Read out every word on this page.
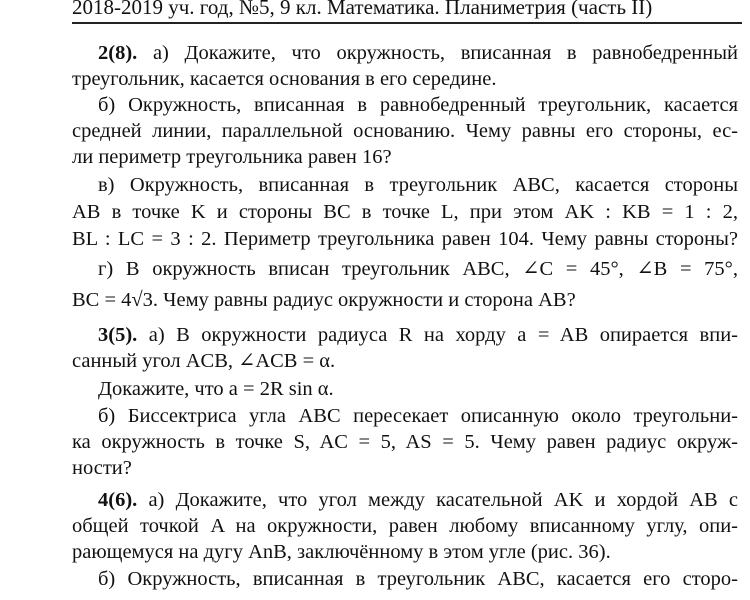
2018-2019 уч. год, №5, 9 кл. Математика. Планиметрия (часть II)
2(8). а) Докажите, что окружность, вписанная в равнобедренный
треугольник, касается основания в его середине.
б) Окружность, вписанная в равнобедренный треугольник, касается
средней линии, параллельной основанию. Чему равны его стороны, ес-
ли периметр треугольника равен 16?
в) Окружность, вписанная в треугольник ABC, касается стороны
AB в точке K и стороны BC в точке L, при этом AK : KB = 1 : 2,
BL : LC = 3 : 2. Периметр треугольника равен 104. Чему равны стороны?
г) В окружность вписан треугольник ABC, ∠C = 45°, ∠B = 75°,
BC = 4√3. Чему равны радиус окружности и сторона AB?
3(5). а) В окружности радиуса R на хорду a = AB опирается впи-
санный угол ACB, ∠ACB = α.
Докажите, что a = 2R sin α.
б) Биссектриса угла ABC пересекает описанную около треугольни-
ка окружность в точке S, AC = 5, AS = 5. Чему равен радиус окруж-
ности?
4(6). а) Докажите, что угол между касательной AK и хордой AB с
общей точкой A на окружности, равен любому вписанному углу, опи-
рающемуся на дугу AnB, заключённому в этом угле (рис. 36).
б) Окружность, вписанная в треугольник ABC, касается его сторо-
